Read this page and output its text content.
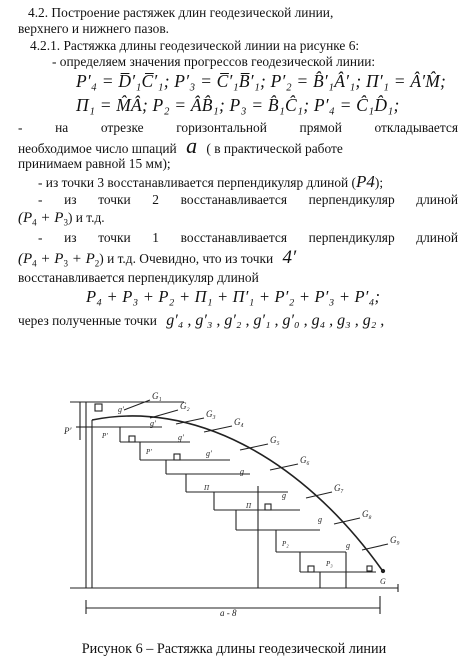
4.2. Построение растяжек длин геодезической линии,
верхнего и нижнего пазов.
4.2.1. Растяжка длины геодезической линии на рисунке 6:
- определяем значения прогрессов геодезической линии:
P′₄ = D̅′₁C̅′₁; P′₃ = C̅′₁B̅′₁; P′₂ = B̂′₁Â′₁; П′₁ = Â′M̂;
П₁ = M̂Â; P₂ = ÂB̂₁; P₃ = B̂₁Ĉ₁; P′₄ = Ĉ₁D̂₁;
- на отрезке горизонтальной прямой откладывается
необходимое число шпаций a ( в практической работе
принимаем равной 15 мм);
- из точки 3 восстанавливается перпендикуляр длиной (P4);
- из точки 2 восстанавливается перпендикуляр длиной
$(P_4 + P_3)$ и т.д.
- из точки 1 восстанавливается перпендикуляр длиной
$(P_4 + P_3 + P_2)$ и т.д. Очевидно, что из точки 4′
восстанавливается перпендикуляр длиной
P₄ + P₃ + P₂ + П₁ + П′₁ + P′₂ + P′₃ + P′₄;
через полученные точки g′₄ , g′₃ , g′₂ , g′₁ , g′₀ , g₄ , g₃ , g₂ ,
G₁
G₂
G₃
G₄
G₅
G₆
G₇
G₈
G₉
g′
g′
g′
g′
g
g
g
g
G
P′	P′
P′
П
П
P₂
P₃
a - 8
Рисунок 6 – Растяжка длины геодезической линии
